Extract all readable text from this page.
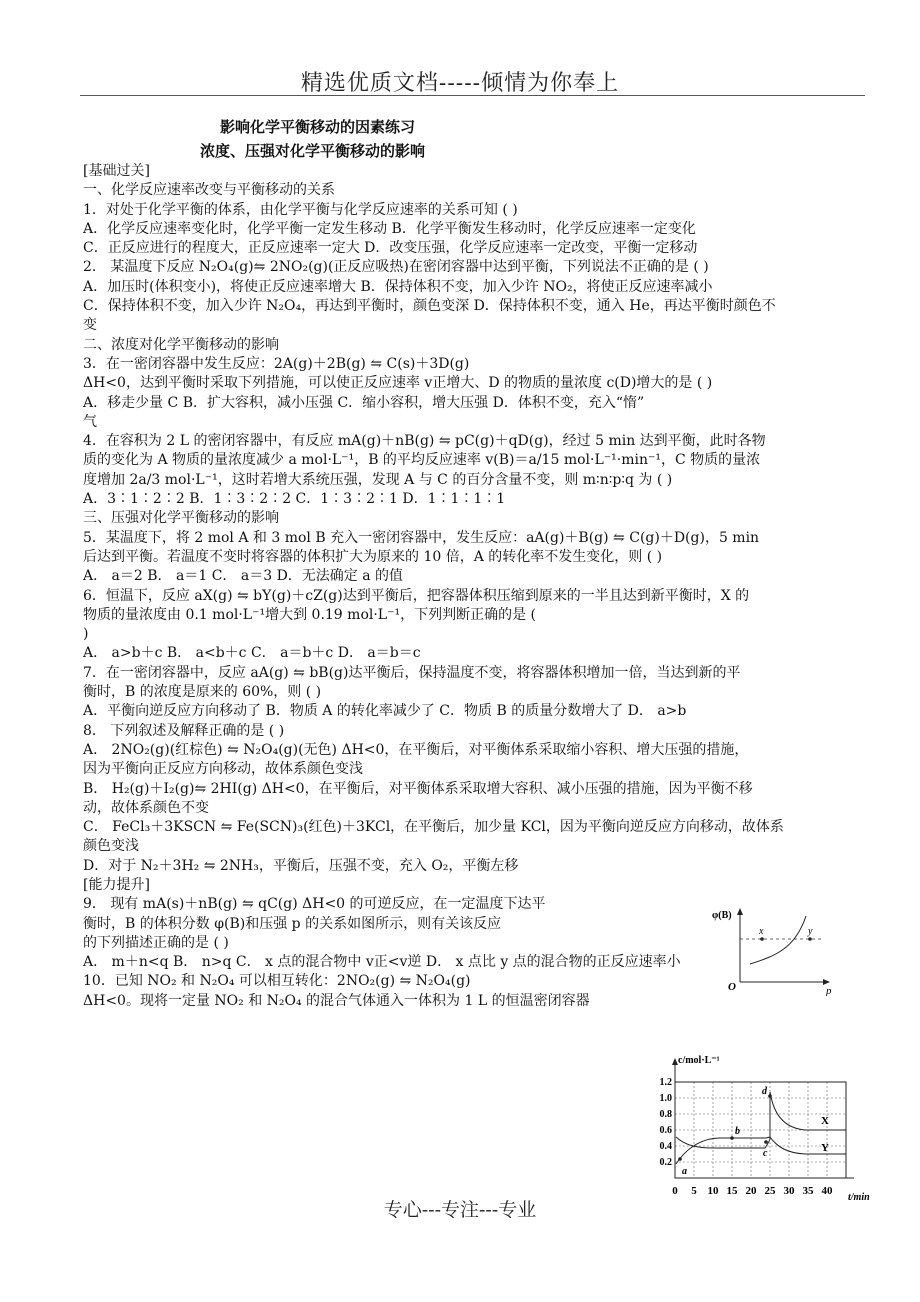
精选优质文档-----倾情为你奉上
影响化学平衡移动的因素练习
浓度、压强对化学平衡移动的影响
[基础过关]
一、化学反应速率改变与平衡移动的关系
1．对处于化学平衡的体系，由化学平衡与化学反应速率的关系可知 ( )
A．化学反应速率变化时，化学平衡一定发生移动 B．化学平衡发生移动时，化学反应速率一定变化
C．正反应进行的程度大，正反应速率一定大 D．改变压强，化学反应速率一定改变，平衡一定移动
2． 某温度下反应 N₂O₄(g)⇋ 2NO₂(g)(正反应吸热)在密闭容器中达到平衡，下列说法不正确的是 ( )
A．加压时(体积变小)，将使正反应速率增大 B．保持体积不变，加入少许 NO₂，将使正反应速率减小
C．保持体积不变，加入少许 N₂O₄，再达到平衡时，颜色变深 D．保持体积不变，通入 He，再达平衡时颜色不
变
二、浓度对化学平衡移动的影响
3．在一密闭容器中发生反应：2A(g)＋2B(g) ⇋ C(s)＋3D(g)
ΔH<0，达到平衡时采取下列措施，可以使正反应速率 v正增大、D 的物质的量浓度 c(D)增大的是 ( )
A．移走少量 C B．扩大容积，减小压强 C．缩小容积，增大压强 D．体积不变，充入“惰”
气
4．在容积为 2 L 的密闭容器中，有反应 mA(g)＋nB(g) ⇋ pC(g)＋qD(g)，经过 5 min 达到平衡，此时各物
质的变化为 A 物质的量浓度减少 a mol·L⁻¹，B 的平均反应速率 v(B)＝a/15 mol·L⁻¹·min⁻¹，C 物质的量浓
度增加 2a/3 mol·L⁻¹，这时若增大系统压强，发现 A 与 C 的百分含量不变，则 m∶n∶p∶q 为 ( )
A．3∶1∶2∶2 B．1∶3∶2∶2 C．1∶3∶2∶1 D．1∶1∶1∶1
三、压强对化学平衡移动的影响
5．某温度下，将 2 mol A 和 3 mol B 充入一密闭容器中，发生反应：aA(g)＋B(g) ⇋ C(g)＋D(g)，5 min
后达到平衡。若温度不变时将容器的体积扩大为原来的 10 倍，A 的转化率不发生变化，则 ( )
A． a＝2 B． a＝1 C． a＝3 D．无法确定 a 的值
6．恒温下，反应 aX(g) ⇋ bY(g)＋cZ(g)达到平衡后，把容器体积压缩到原来的一半且达到新平衡时，X 的
物质的量浓度由 0.1 mol·L⁻¹增大到 0.19 mol·L⁻¹，下列判断正确的是 (
)
A． a>b＋c B． a<b＋c C． a＝b＋c D． a＝b＝c
7．在一密闭容器中，反应 aA(g) ⇋ bB(g)达平衡后，保持温度不变，将容器体积增加一倍，当达到新的平
衡时，B 的浓度是原来的 60%，则 ( )
A．平衡向逆反应方向移动了 B．物质 A 的转化率减少了 C．物质 B 的质量分数增大了 D． a>b
8． 下列叙述及解释正确的是 ( )
A． 2NO₂(g)(红棕色) ⇋ N₂O₄(g)(无色) ΔH<0，在平衡后，对平衡体系采取缩小容积、增大压强的措施，
因为平衡向正反应方向移动，故体系颜色变浅
B． H₂(g)＋I₂(g)⇋ 2HI(g) ΔH<0，在平衡后，对平衡体系采取增大容积、减小压强的措施，因为平衡不移
动，故体系颜色不变
C． FeCl₃＋3KSCN ⇋ Fe(SCN)₃(红色)＋3KCl，在平衡后，加少量 KCl，因为平衡向逆反应方向移动，故体系
颜色变浅
D．对于 N₂＋3H₂ ⇋ 2NH₃，平衡后，压强不变，充入 O₂，平衡左移
[能力提升]
9． 现有 mA(s)＋nB(g) ⇋ qC(g) ΔH<0 的可逆反应，在一定温度下达平
衡时，B 的体积分数 φ(B)和压强 p 的关系如图所示，则有关该反应
的下列描述正确的是 ( )
A． m＋n<q B． n>q C． x 点的混合物中 v正<v逆 D． x 点比 y 点的混合物的正反应速率小
10．已知 NO₂ 和 N₂O₄ 可以相互转化：2NO₂(g) ⇋ N₂O₄(g)
ΔH<0。现将一定量 NO₂ 和 N₂O₄ 的混合气体通入一体积为 1 L 的恒温密闭容器
φ(B)
p
O
x	y
c/mol·L⁻¹
t/min
1.2
1.0
0.8
0.6
0.4
0.2
0 5 10 15 20 25 30 35 40
a
b
c
d
X
Y
专心---专注---专业
